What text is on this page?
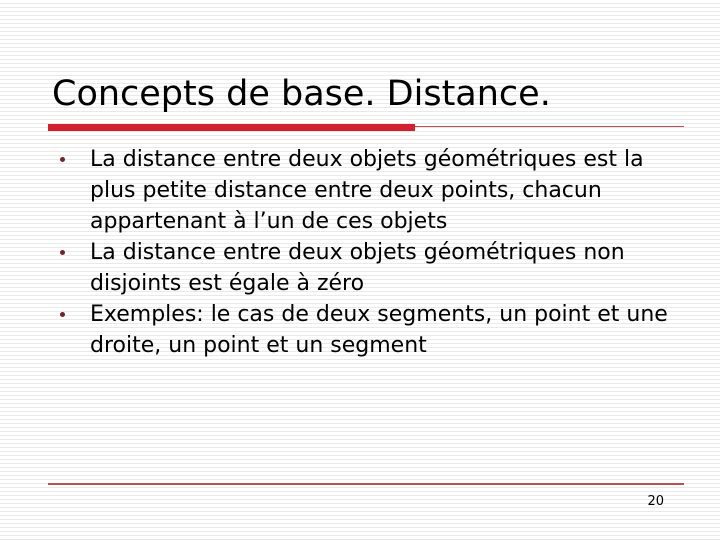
Concepts de base. Distance.
La distance entre deux objets géométriques est la plus petite distance entre deux points, chacun appartenant à l’un de ces objets
La distance entre deux objets géométriques non disjoints est égale à zéro
Exemples: le cas de deux segments, un point et une droite, un point et un segment
20
